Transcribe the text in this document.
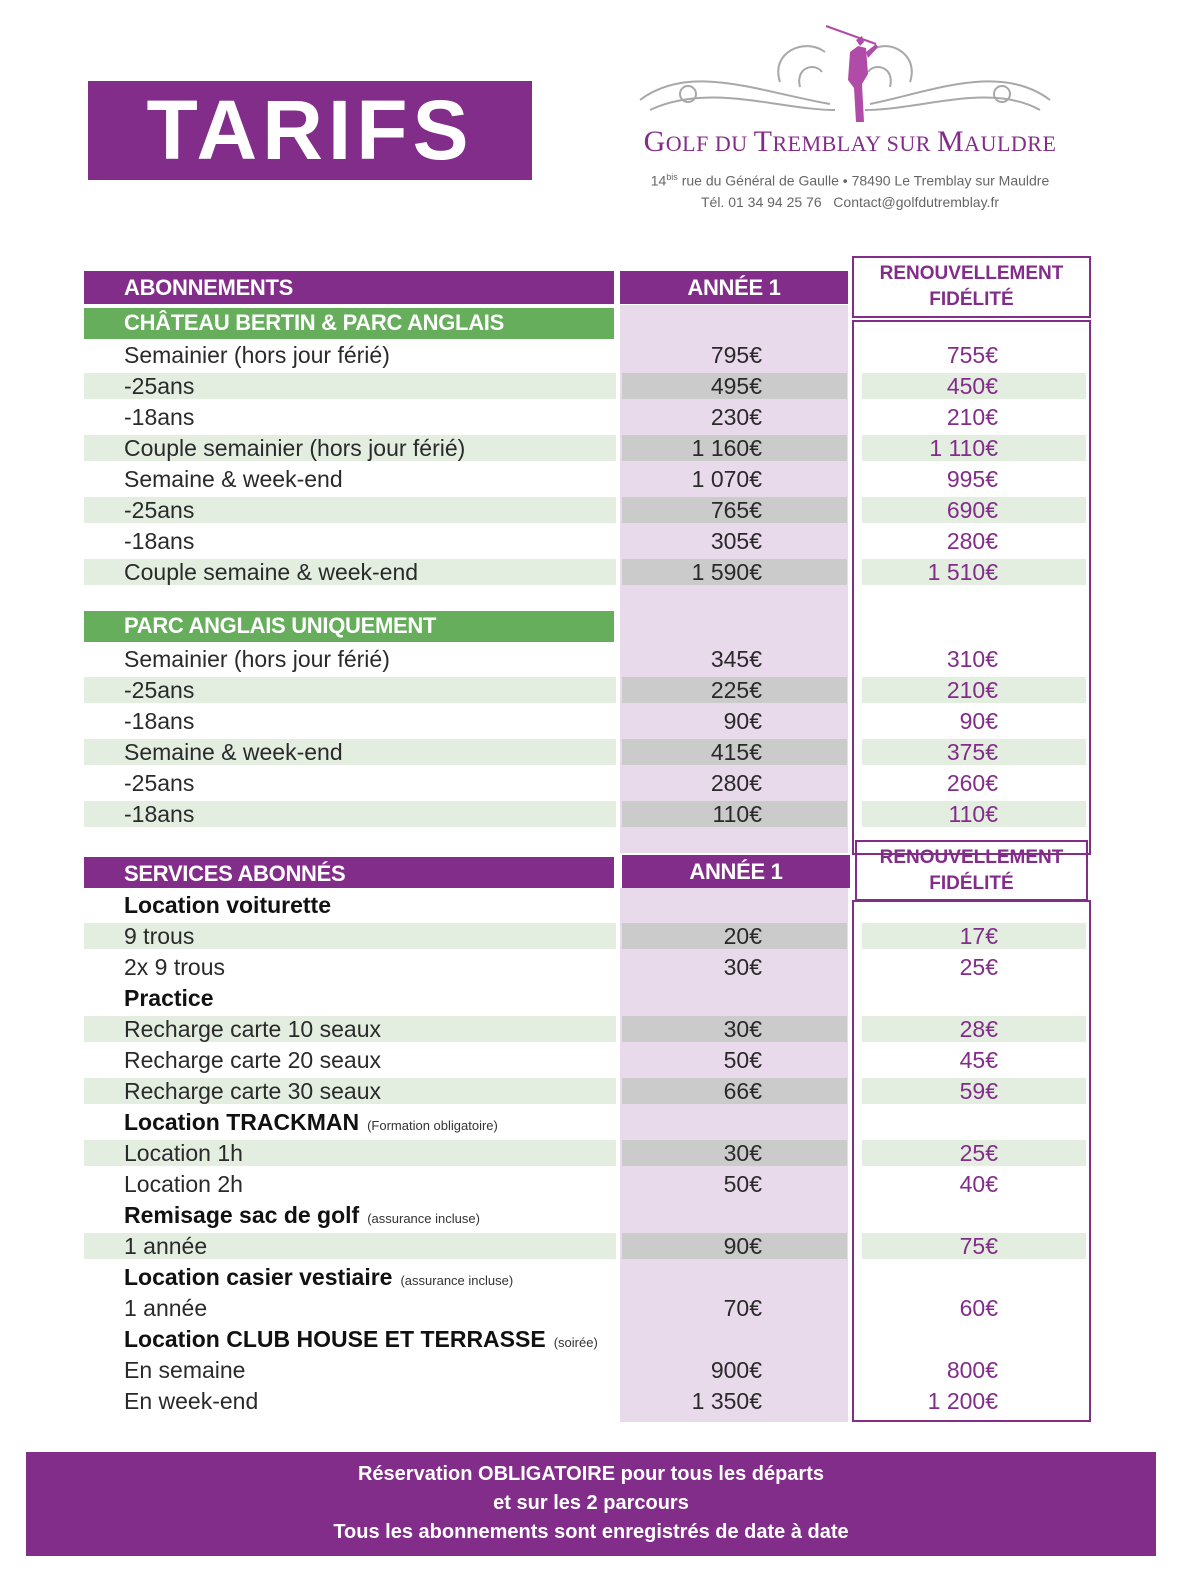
TARIFS	GOLF DU TREMBLAY SUR MAULDRE
$14^{bis}$ rue du Général de Gaulle • 78490 Le Tremblay sur Mauldre
Tél. 01 34 94 25 76   Contact@golfdutremblay.fr
ABONNEMENTS	ANNÉE 1
RENOUVELLEMENT
FIDÉLITÉ
CHÂTEAU BERTIN & PARC ANGLAIS
Semainier (hors jour férié)	795€	755€
-25ans	495€	450€
-18ans	230€	210€
Couple semainier (hors jour férié)	1 160€	1 110€
Semaine & week-end	1 070€	995€
-25ans	765€	690€
-18ans	305€	280€
Couple semaine & week-end	1 590€	1 510€
PARC ANGLAIS UNIQUEMENT
Semainier (hors jour férié)	345€	310€
-25ans	225€	210€
-18ans	90€	90€
Semaine & week-end	415€	375€
-25ans	280€	260€
-18ans	110€	110€
SERVICES ABONNÉS	ANNÉE 1
RENOUVELLEMENT
FIDÉLITÉ
Location voiturette
9 trous	20€	17€
2x 9 trous	30€	25€
Practice
Recharge carte 10 seaux	30€	28€
Recharge carte 20 seaux	50€	45€
Recharge carte 30 seaux	66€	59€
Location TRACKMAN (Formation obligatoire)
Location 1h	30€	25€
Location 2h	50€	40€
Remisage sac de golf (assurance incluse)
1 année	90€	75€
Location casier vestiaire (assurance incluse)
1 année	70€	60€
Location CLUB HOUSE ET TERRASSE (soirée)
En semaine	900€	800€
En week-end	1 350€	1 200€
Réservation OBLIGATOIRE pour tous les départs
et sur les 2 parcours
Tous les abonnements sont enregistrés de date à date
